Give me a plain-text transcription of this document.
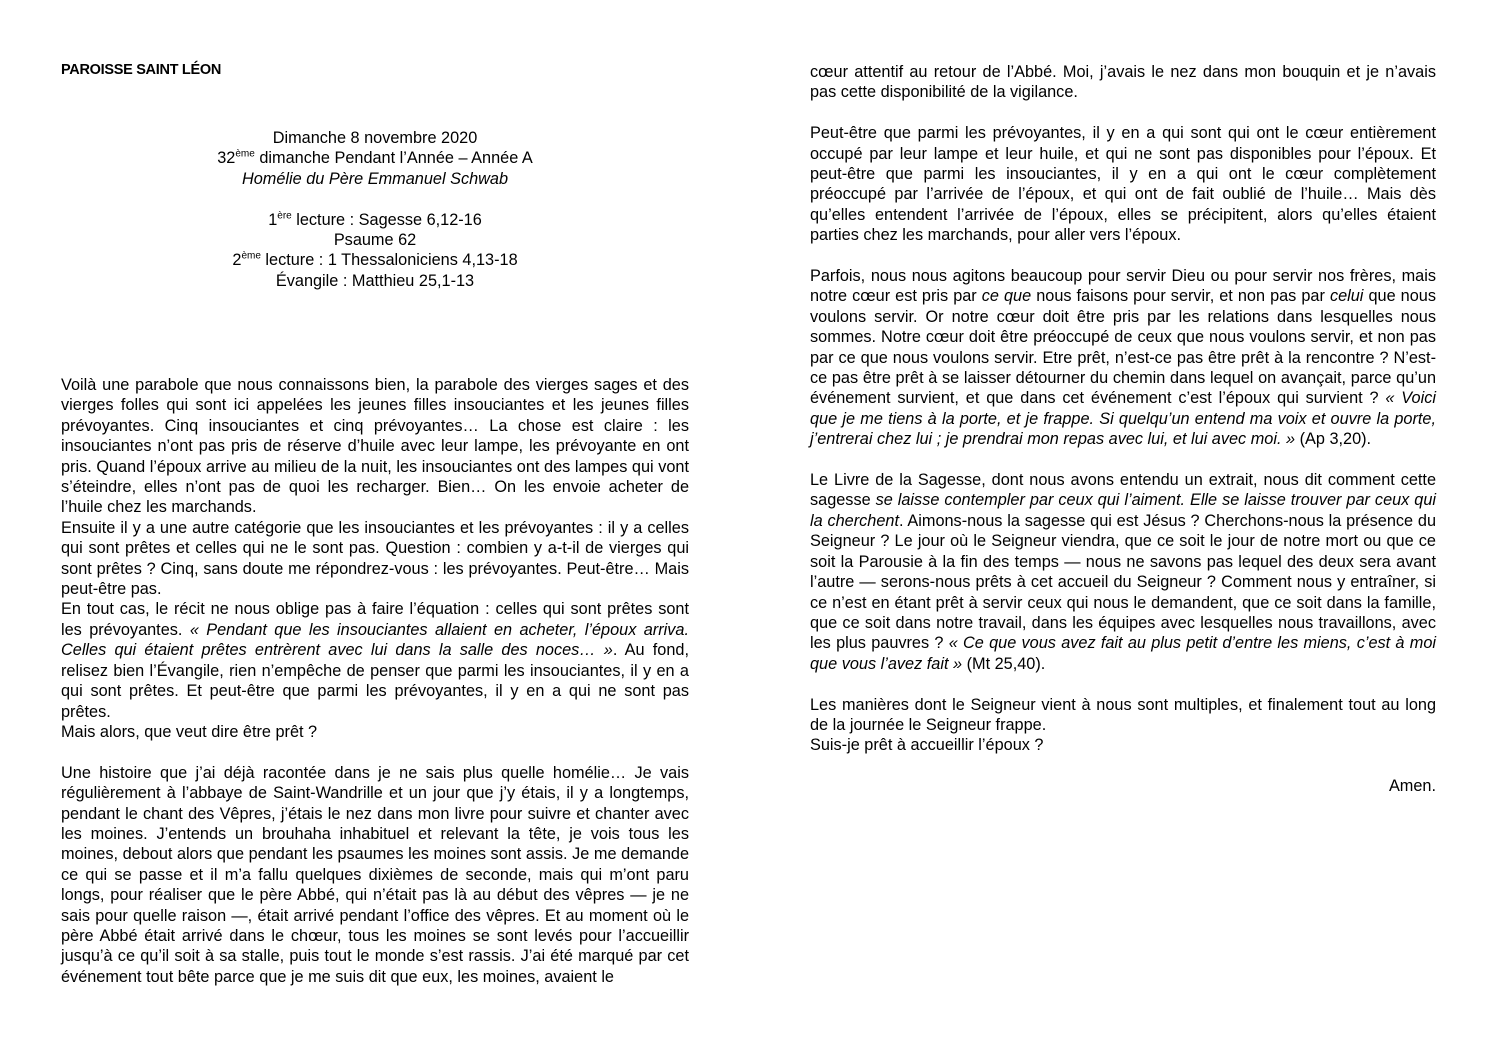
PAROISSE SAINT LÉON
Dimanche 8 novembre 2020
32ème dimanche Pendant l’Année – Année A
Homélie du Père Emmanuel Schwab
1ère lecture : Sagesse 6,12-16
Psaume 62
2ème lecture : 1 Thessaloniciens 4,13-18
Évangile : Matthieu 25,1-13

Voilà une parabole que nous connaissons bien, la parabole des vierges sages et des vierges folles qui sont ici appelées les jeunes filles insouciantes et les jeunes filles prévoyantes. Cinq insouciantes et cinq prévoyantes… La chose est claire : les insouciantes n’ont pas pris de réserve d’huile avec leur lampe, les prévoyante en ont pris. Quand l’époux arrive au milieu de la nuit, les insouciantes ont des lampes qui vont s’éteindre, elles n’ont pas de quoi les recharger. Bien… On les envoie acheter de l’huile chez les marchands.

Ensuite il y a une autre catégorie que les insouciantes et les prévoyantes : il y a celles qui sont prêtes et celles qui ne le sont pas. Question : combien y a-t-il de vierges qui sont prêtes ? Cinq, sans doute me répondrez-vous : les prévoyantes. Peut-être… Mais peut-être pas.

En tout cas, le récit ne nous oblige pas à faire l’équation : celles qui sont prêtes sont les prévoyantes. « Pendant que les insouciantes allaient en acheter, l’époux arriva. Celles qui étaient prêtes entrèrent avec lui dans la salle des noces… ». Au fond, relisez bien l’Évangile, rien n’empêche de penser que parmi les insouciantes, il y en a qui sont prêtes. Et peut-être que parmi les prévoyantes, il y en a qui ne sont pas prêtes.

Mais alors, que veut dire être prêt ?

Une histoire que j’ai déjà racontée dans je ne sais plus quelle homélie… Je vais régulièrement à l’abbaye de Saint-Wandrille et un jour que j’y étais, il y a longtemps, pendant le chant des Vêpres, j’étais le nez dans mon livre pour suivre et chanter avec les moines. J’entends un brouhaha inhabituel et relevant la tête, je vois tous les moines, debout alors que pendant les psaumes les moines sont assis. Je me demande ce qui se passe et il m’a fallu quelques dixièmes de seconde, mais qui m’ont paru longs, pour réaliser que le père Abbé, qui n’était pas là au début des vêpres — je ne sais pour quelle raison —, était arrivé pendant l’office des vêpres. Et au moment où le père Abbé était arrivé dans le chœur, tous les moines se sont levés pour l’accueillir jusqu’à ce qu’il soit à sa stalle, puis tout le monde s’est rassis. J’ai été marqué par cet événement tout bête parce que je me suis dit que eux, les moines, avaient le

cœur attentif au retour de l’Abbé. Moi, j’avais le nez dans mon bouquin et je n’avais pas cette disponibilité de la vigilance.

Peut-être que parmi les prévoyantes, il y en a qui sont qui ont le cœur entièrement occupé par leur lampe et leur huile, et qui ne sont pas disponibles pour l’époux. Et peut-être que parmi les insouciantes, il y en a qui ont le cœur complètement préoccupé par l’arrivée de l’époux, et qui ont de fait oublié de l’huile… Mais dès qu’elles entendent l’arrivée de l’époux, elles se précipitent, alors qu’elles étaient parties chez les marchands, pour aller vers l’époux.

Parfois, nous nous agitons beaucoup pour servir Dieu ou pour servir nos frères, mais notre cœur est pris par ce que nous faisons pour servir, et non pas par celui que nous voulons servir. Or notre cœur doit être pris par les relations dans lesquelles nous sommes. Notre cœur doit être préoccupé de ceux que nous voulons servir, et non pas par ce que nous voulons servir. Etre prêt, n’est-ce pas être prêt à la rencontre ? N’est-ce pas être prêt à se laisser détourner du chemin dans lequel on avançait, parce qu’un événement survient, et que dans cet événement c’est l’époux qui survient ? « Voici que je me tiens à la porte, et je frappe. Si quelqu’un entend ma voix et ouvre la porte, j’entrerai chez lui ; je prendrai mon repas avec lui, et lui avec moi. » (Ap 3,20).

Le Livre de la Sagesse, dont nous avons entendu un extrait, nous dit comment cette sagesse se laisse contempler par ceux qui l’aiment. Elle se laisse trouver par ceux qui la cherchent. Aimons-nous la sagesse qui est Jésus ? Cherchons-nous la présence du Seigneur ? Le jour où le Seigneur viendra, que ce soit le jour de notre mort ou que ce soit la Parousie à la fin des temps — nous ne savons pas lequel des deux sera avant l’autre — serons-nous prêts à cet accueil du Seigneur ? Comment nous y entraîner, si ce n’est en étant prêt à servir ceux qui nous le demandent, que ce soit dans la famille, que ce soit dans notre travail, dans les équipes avec lesquelles nous travaillons, avec les plus pauvres ? « Ce que vous avez fait au plus petit d’entre les miens, c’est à moi que vous l’avez fait » (Mt 25,40).

Les manières dont le Seigneur vient à nous sont multiples, et finalement tout au long de la journée le Seigneur frappe.

Suis-je prêt à accueillir l’époux ?

Amen.
